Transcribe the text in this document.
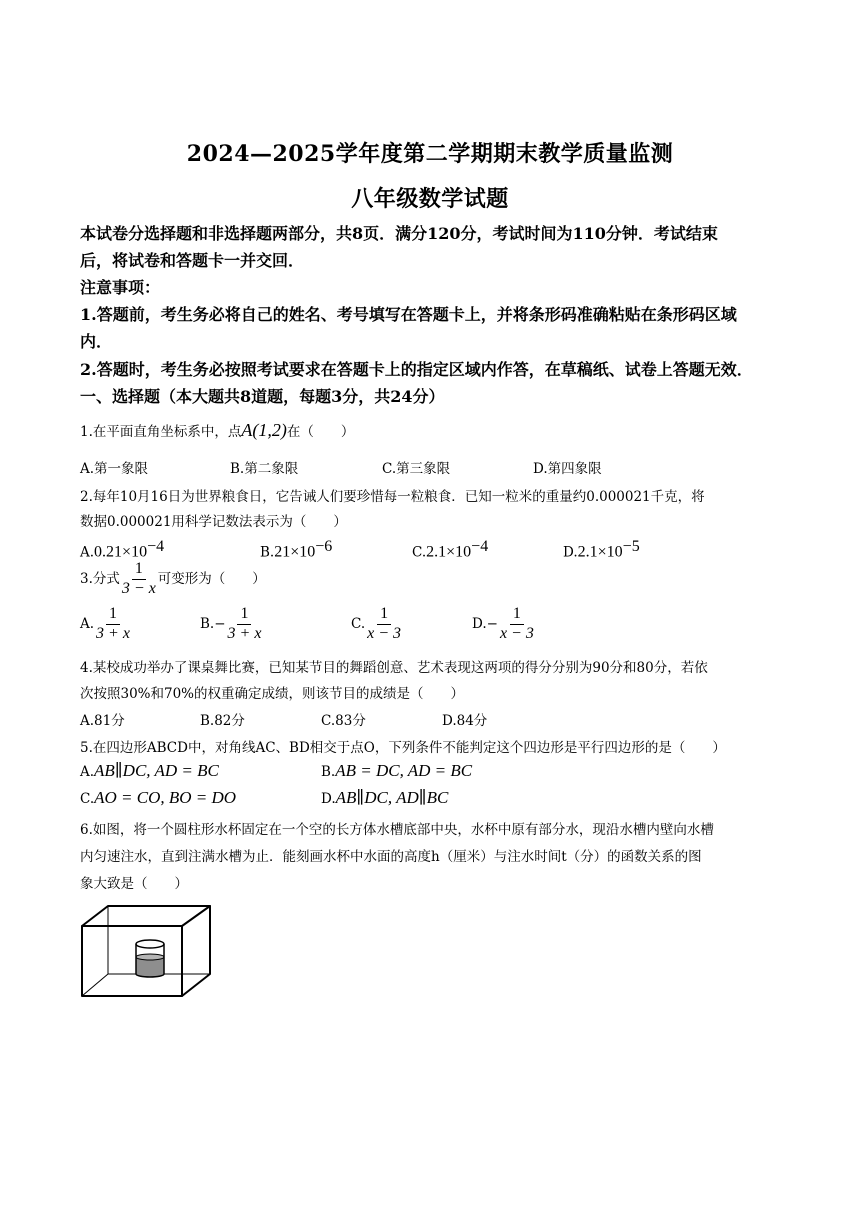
2024—2025学年度第二学期期末教学质量监测
八年级数学试题
本试卷分选择题和非选择题两部分，共8页．满分120分，考试时间为110分钟．考试结束
后，将试卷和答题卡一并交回．
注意事项：
1.答题前，考生务必将自己的姓名、考号填写在答题卡上，并将条形码准确粘贴在条形码区域
内．
2.答题时，考生务必按照考试要求在答题卡上的指定区域内作答，在草稿纸、试卷上答题无效．
一、选择题（本大题共8道题，每题3分，共24分）
1.在平面直角坐标系中，点A(1,2)在（　　）
A.第一象限	B.第二象限	C.第三象限	D.第四象限
2.每年10月16日为世界粮食日，它告诫人们要珍惜每一粒粮食．已知一粒米的重量约0.000021千克，将
数据0.000021用科学记数法表示为（　　）
$A.0.21\times 10^{-4}$	$B.21\times 10^{-6}$	$C.2.1\times 10^{-4}$	$D.2.1\times 10^{-5}$
3.分式 $\frac{1}{3 - x}$ 可变形为（　　）
A. $\frac{1}{3 + x}$	$B.- \frac{1}{3 + x}$	C. $\frac{1}{x - 3}$	$D.- \frac{1}{x - 3}$
4.某校成功举办了课桌舞比赛，已知某节目的舞蹈创意、艺术表现这两项的得分分别为90分和80分，若依
次按照30%和70%的权重确定成绩，则该节目的成绩是（　　）
A.81分	B.82分	C.83分	D.84分
5.在四边形ABCD中，对角线AC、BD相交于点O，下列条件不能判定这个四边形是平行四边形的是（　　）
A.AB∥DC, AD = BC	B.AB = DC, AD = BC
C.AO = CO, BO = DO	D.AB∥DC, AD∥BC
6.如图，将一个圆柱形水杯固定在一个空的长方体水槽底部中央，水杯中原有部分水，现沿水槽内壁向水槽
内匀速注水，直到注满水槽为止．能刻画水杯中水面的高度h（厘米）与注水时间t（分）的函数关系的图
象大致是（　　）
